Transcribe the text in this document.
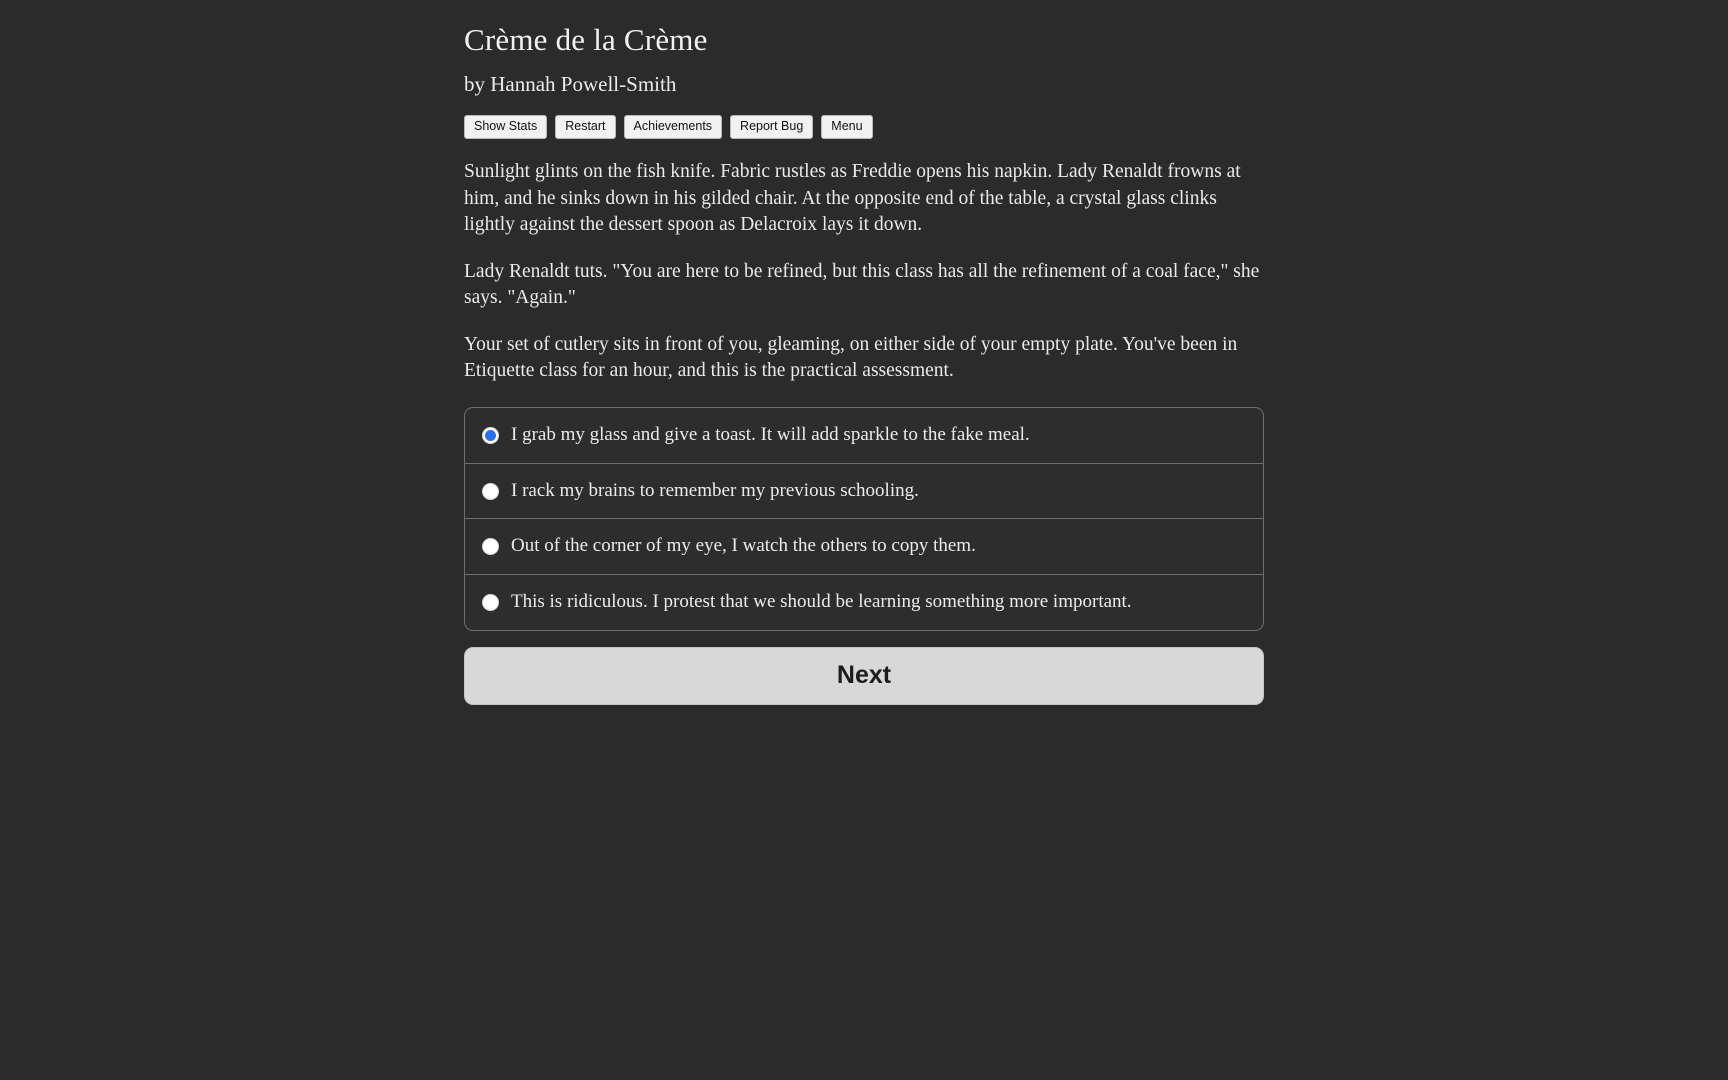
Crème de la Crème
by Hannah Powell-Smith
Show Stats	Restart	Achievements	Report Bug	Menu

Sunlight glints on the fish knife. Fabric rustles as Freddie opens his napkin. Lady Renaldt frowns at him, and he sinks down in his gilded chair. At the opposite end of the table, a crystal glass clinks lightly against the dessert spoon as Delacroix lays it down.

Lady Renaldt tuts. "You are here to be refined, but this class has all the refinement of a coal face," she says. "Again."

Your set of cutlery sits in front of you, gleaming, on either side of your empty plate. You've been in Etiquette class for an hour, and this is the practical assessment.

I grab my glass and give a toast. It will add sparkle to the fake meal.
I rack my brains to remember my previous schooling.
Out of the corner of my eye, I watch the others to copy them.
This is ridiculous. I protest that we should be learning something more important.
Next
